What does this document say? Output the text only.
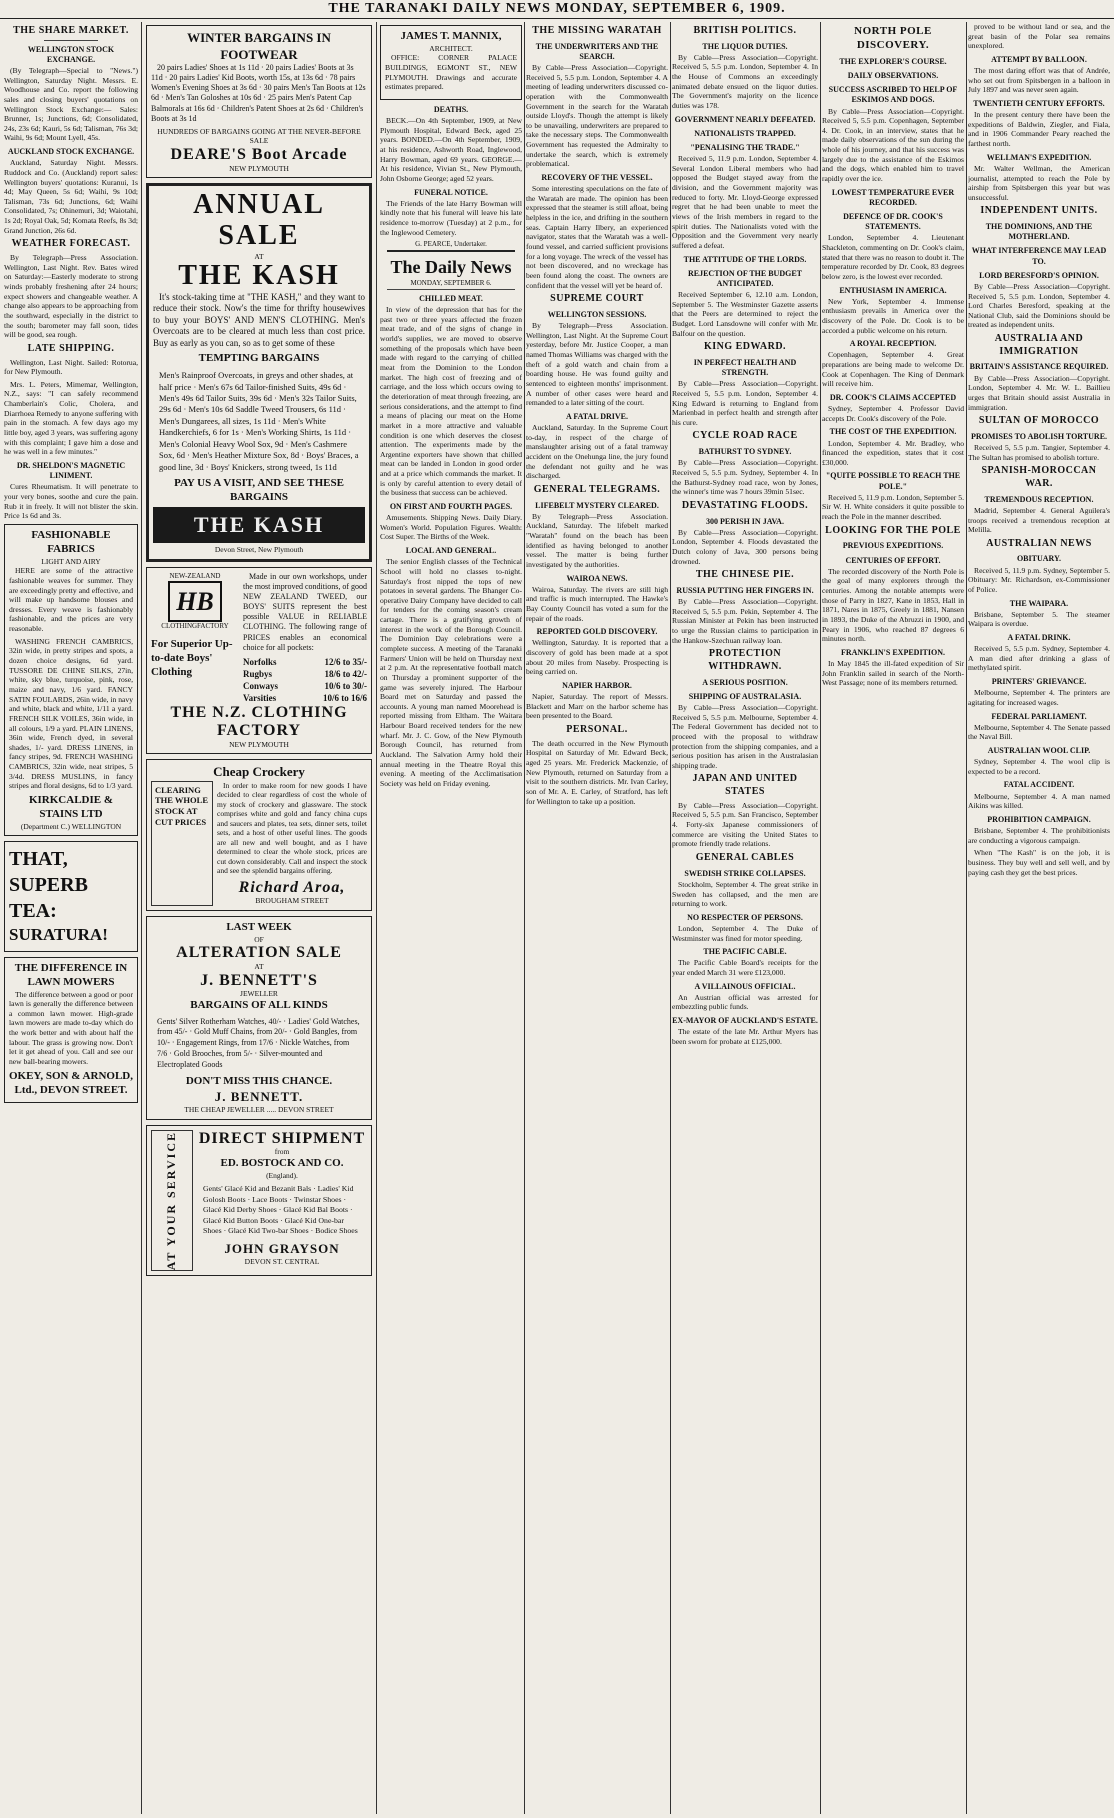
THE TARANAKI DAILY NEWS MONDAY, SEPTEMBER 6, 1909.
THE SHARE MARKET.
WELLINGTON STOCK EXCHANGE.

(By Telegraph—Special to "News.") Wellington, Saturday Night. Messrs. E. Woodhouse and Co. report the following sales and closing buyers' quotations on Wellington Stock Exchange:— Sales: Brunner, 1s; Junctions, 6d; Consolidated, 24s, 23s 6d; Kauri, 5s 6d; Talisman, 76s 3d; Waihi, 9s 6d; Mount Lyell, 45s.

AUCKLAND STOCK EXCHANGE.

Auckland, Saturday Night. Messrs. Ruddock and Co. (Auckland) report sales: Wellington buyers' quotations: Kuranui, 1s 4d; May Queen, 5s 6d; Waihi, 9s 10d; Talisman, 73s 6d; Junctions, 6d; Waihi Consolidated, 7s; Ohinemuri, 3d; Waiotahi, 1s 2d; Royal Oak, 5d; Komata Reefs, 8s 3d; Grand Junction, 26s 6d.

WEATHER FORECAST.

By Telegraph—Press Association. Wellington, Last Night. Rev. Bates wired on Saturday:—Easterly moderate to strong winds probably freshening after 24 hours; expect showers and changeable weather. A change also appears to be approaching from the southward, especially in the district to the south; barometer may fall soon, tides will be good, sea rough.

LATE SHIPPING.

Wellington, Last Night. Sailed: Rotorua, for New Plymouth.

Mrs. L. Peters, Mimemar, Wellington, N.Z., says: "I can safely recommend Chamberlain's Colic, Cholera, and Diarrhoea Remedy to anyone suffering with pain in the stomach. A few days ago my little boy, aged 3 years, was suffering agony with this complaint; I gave him a dose and he was well in a few minutes."

DR. SHELDON'S MAGNETIC LINIMENT.

Cures Rheumatism. It will penetrate to your very bones, soothe and cure the pain. Rub it in freely. It will not blister the skin. Price 1s 6d and 3s.

FASHIONABLE FABRICS
LIGHT AND AIRY

HERE are some of the attractive fashionable weaves for summer. They are exceedingly pretty and effective, and will make up handsome blouses and dresses. Every weave is fashionably fashionable, and the prices are very reasonable.

WASHING FRENCH CAMBRICS, 32in wide, in pretty stripes and spots, a dozen choice designs, 6d yard. TUSSORE DE CHINE SILKS, 27in, white, sky blue, turquoise, pink, rose, maize and navy, 1/6 yard. FANCY SATIN FOULARDS, 26in wide, in navy and white, black and white, 1/11 a yard. FRENCH SILK VOILES, 36in wide, in all colours, 1/9 a yard. PLAIN LINENS, 36in wide, French dyed, in several shades, 1/- yard. DRESS LINENS, in fancy stripes, 9d. FRENCH WASHING CAMBRICS, 32in wide, neat stripes, 5 3/4d. DRESS MUSLINS, in fancy stripes and floral designs, 6d to 1/3 yard.

KIRKCALDIE & STAINS LTD
(Department C.) WELLINGTON
THAT,
SUPERB
TEA:
SURATURA!
THE DIFFERENCE IN LAWN MOWERS

The difference between a good or poor lawn is generally the difference between a common lawn mower. High-grade lawn mowers are made to-day which do the work better and with about half the labour. The grass is growing now. Don't let it get ahead of you. Call and see our new ball-bearing mowers.

OKEY, SON & ARNOLD, Ltd., DEVON STREET.
WINTER BARGAINS IN FOOTWEAR

20 pairs Ladies' Shoes at 1s 11d · 20 pairs Ladies' Boots at 3s 11d · 20 pairs Ladies' Kid Boots, worth 15s, at 13s 6d · 78 pairs Women's Evening Shoes at 3s 6d · 30 pairs Men's Tan Boots at 12s 6d · Men's Tan Goloshes at 10s 6d · 25 pairs Men's Patent Cap Balmorals at 16s 6d · Children's Patent Shoes at 2s 6d · Children's Boots at 3s 1d

HUNDREDS OF BARGAINS GOING AT THE NEVER-BEFORE SALE
DEARE'S Boot Arcade
NEW PLYMOUTH
ANNUAL SALE
AT
THE KASH

It's stock-taking time at "THE KASH," and they want to reduce their stock. Now's the time for thrifty housewives to buy your BOYS' AND MEN'S CLOTHING. Men's Overcoats are to be cleared at much less than cost price. Buy as early as you can, so as to get some of these

TEMPTING BARGAINS
Men's Rainproof Overcoats, in greys and other shades, at half price · Men's 67s 6d Tailor-finished Suits, 49s 6d · Men's 49s 6d Tailor Suits, 39s 6d · Men's 32s Tailor Suits, 29s 6d · Men's 10s 6d Saddle Tweed Trousers, 6s 11d · Men's Dungarees, all sizes, 1s 11d · Men's White Handkerchiefs, 6 for 1s · Men's Working Shirts, 1s 11d · Men's Colonial Heavy Wool Sox, 9d · Men's Cashmere Sox, 6d · Men's Heather Mixture Sox, 8d · Boys' Braces, a good line, 3d · Boys' Knickers, strong tweed, 1s 11d
PAY US A VISIT, AND SEE THESE BARGAINS
THE KASH
Devon Street, New Plymouth
NEW-ZEALAND
HB
CLOTHINGFACTORY
For Superior Up-to-date Boys' Clothing

Made in our own workshops, under the most improved conditions, of good NEW ZEALAND TWEED, our BOYS' SUITS represent the best possible VALUE in RELIABLE CLOTHING. The following range of PRICES enables an economical choice for all pockets:

Norfolks	12/6 to 35/-
Rugbys	18/6 to 42/-
Conways	10/6 to 30/-
Varsities	10/6 to 16/6
THE N.Z. CLOTHING FACTORY
NEW PLYMOUTH
Cheap Crockery
CLEARING THE WHOLE STOCK AT CUT PRICES

In order to make room for new goods I have decided to clear regardless of cost the whole of my stock of crockery and glassware. The stock comprises white and gold and fancy china cups and saucers and plates, tea sets, dinner sets, toilet sets, and a host of other useful lines. The goods are all new and well bought, and as I have determined to clear the whole stock, prices are cut down considerably. Call and inspect the stock and see the splendid bargains offering.

Richard Aroa,
BROUGHAM STREET
LAST WEEK
OF
ALTERATION SALE
AT
J. BENNETT'S
JEWELLER
BARGAINS OF ALL KINDS
Gents' Silver Rotherham Watches, 40/- · Ladies' Gold Watches, from 45/- · Gold Muff Chains, from 20/- · Gold Bangles, from 10/- · Engagement Rings, from 17/6 · Nickle Watches, from 7/6 · Gold Brooches, from 5/- · Silver-mounted and Electroplated Goods
DON'T MISS THIS CHANCE.
J. BENNETT.
THE CHEAP JEWELLER ..... DEVON STREET
AT YOUR SERVICE DIRECT SHIPMENT
from
ED. BOSTOCK AND CO.
(England).
Gents' Glacé Kid and Bezanit Bals · Ladies' Kid Golosh Boots · Lace Boots · Twinstar Shoes · Glacé Kid Derby Shoes · Glacé Kid Bal Boots · Glacé Kid Button Boots · Glacé Kid One-bar Shoes · Glacé Kid Two-bar Shoes · Bodice Shoes
JOHN GRAYSON
DEVON ST. CENTRAL
JAMES T. MANNIX,
ARCHITECT.

OFFICE: CORNER PALACE BUILDINGS, EGMONT ST., NEW PLYMOUTH. Drawings and accurate estimates prepared.

DEATHS.

BECK.—On 4th September, 1909, at New Plymouth Hospital, Edward Beck, aged 25 years. BONDED.—On 4th September, 1909, at his residence, Ashworth Road, Inglewood, Harry Bowman, aged 69 years. GEORGE.—At his residence, Vivian St., New Plymouth, John Osborne George; aged 52 years.

FUNERAL NOTICE.

The Friends of the late Harry Bowman will kindly note that his funeral will leave his late residence to-morrow (Tuesday) at 2 p.m., for the Inglewood Cemetery.

G. PEARCE, Undertaker.
The Daily News
MONDAY, SEPTEMBER 6.
CHILLED MEAT.

In view of the depression that has for the past two or three years affected the frozen meat trade, and of the signs of change in world's supplies, we are moved to observe something of the proposals which have been made with regard to the carrying of chilled meat from the Dominion to the London market. The high cost of freezing and of carriage, and the loss which occurs owing to the deterioration of meat through freezing, are serious considerations, and the attempt to find a means of placing our meat on the Home market in a more attractive and valuable condition is one which deserves the closest attention. The experiments made by the Argentine exporters have shown that chilled meat can be landed in London in good order and at a price which commands the market. It is only by careful attention to every detail of the business that success can be achieved.

ON FIRST AND FOURTH PAGES.

Amusements. Shipping News. Daily Diary. Women's World. Population Figures. Wealth: Cost Super. The Births of the Week.

LOCAL AND GENERAL.

The senior English classes of the Technical School will hold no classes to-night. Saturday's frost nipped the tops of new potatoes in several gardens. The Bhanger Co-operative Dairy Company have decided to call for tenders for the coming season's cream cartage. There is a gratifying growth of interest in the work of the Borough Council. The Dominion Day celebrations were a complete success. A meeting of the Taranaki Farmers' Union will be held on Thursday next at 2 p.m. At the representative football match on Thursday a prominent supporter of the game was severely injured. The Harbour Board met on Saturday and passed the accounts. A young man named Moorehead is reported missing from Eltham. The Waitara Harbour Board received tenders for the new wharf. Mr. J. C. Gow, of the New Plymouth Borough Council, has returned from Auckland. The Salvation Army hold their annual meeting in the Theatre Royal this evening. A meeting of the Acclimatisation Society was held on Friday evening.

THE MISSING WARATAH
THE UNDERWRITERS AND THE SEARCH.

By Cable—Press Association—Copyright. Received 5, 5.5 p.m. London, September 4. A meeting of leading underwriters discussed co-operation with the Commonwealth Government in the search for the Waratah outside Lloyd's. Though the attempt is likely to be unavailing, underwriters are prepared to take the necessary steps. The Commonwealth Government has requested the Admiralty to undertake the search, which is extremely problematical.

RECOVERY OF THE VESSEL.

Some interesting speculations on the fate of the Waratah are made. The opinion has been expressed that the steamer is still afloat, being helpless in the ice, and drifting in the southern seas. Captain Harry Ilbery, an experienced navigator, states that the Waratah was a well-found vessel, and carried sufficient provisions for a long voyage. The wreck of the vessel has not been discovered, and no wreckage has been found along the coast. The owners are confident that the vessel will yet be heard of.

SUPREME COURT
WELLINGTON SESSIONS.

By Telegraph—Press Association. Wellington, Last Night. At the Supreme Court yesterday, before Mr. Justice Cooper, a man named Thomas Williams was charged with the theft of a gold watch and chain from a boarding house. He was found guilty and sentenced to eighteen months' imprisonment. A number of other cases were heard and remanded to a later sitting of the court.

A FATAL DRIVE.

Auckland, Saturday. In the Supreme Court to-day, in respect of the charge of manslaughter arising out of a fatal tramway accident on the Onehunga line, the jury found the defendant not guilty and he was discharged.

GENERAL TELEGRAMS.
LIFEBELT MYSTERY CLEARED.

By Telegraph—Press Association. Auckland, Saturday. The lifebelt marked "Waratah" found on the beach has been identified as having belonged to another vessel. The matter is being further investigated by the authorities.

WAIROA NEWS.

Wairoa, Saturday. The rivers are still high and traffic is much interrupted. The Hawke's Bay County Council has voted a sum for the repair of the roads.

REPORTED GOLD DISCOVERY.

Wellington, Saturday. It is reported that a discovery of gold has been made at a spot about 20 miles from Naseby. Prospecting is being carried on.

NAPIER HARBOR.

Napier, Saturday. The report of Messrs. Blackett and Marr on the harbor scheme has been presented to the Board.

PERSONAL.

The death occurred in the New Plymouth Hospital on Saturday of Mr. Edward Beck, aged 25 years. Mr. Frederick Mackenzie, of New Plymouth, returned on Saturday from a visit to the southern districts. Mr. Ivan Carley, son of Mr. A. E. Carley, of Stratford, has left for Wellington to take up a position.

BRITISH POLITICS.
THE LIQUOR DUTIES.

By Cable—Press Association—Copyright. Received 5, 5.5 p.m. London, September 4. In the House of Commons an exceedingly animated debate ensued on the liquor duties. The Government's majority on the licence duties was 178.

GOVERNMENT NEARLY DEFEATED.
NATIONALISTS TRAPPED.
"PENALISING THE TRADE."

Received 5, 11.9 p.m. London, September 4. Several London Liberal members who had opposed the Budget stayed away from the division, and the Government majority was reduced to forty. Mr. Lloyd-George expressed regret that he had been unable to meet the views of the Irish members in regard to the spirit duties. The Nationalists voted with the Opposition and the Government very nearly suffered a defeat.

THE ATTITUDE OF THE LORDS.
REJECTION OF THE BUDGET ANTICIPATED.

Received September 6, 12.10 a.m. London, September 5. The Westminster Gazette asserts that the Peers are determined to reject the Budget. Lord Lansdowne will confer with Mr. Balfour on the question.

KING EDWARD.
IN PERFECT HEALTH AND STRENGTH.

By Cable—Press Association—Copyright. Received 5, 5.5 p.m. London, September 4. King Edward is returning to England from Marienbad in perfect health and strength after his cure.

CYCLE ROAD RACE
BATHURST TO SYDNEY.

By Cable—Press Association—Copyright. Received 5, 5.5 p.m. Sydney, September 4. In the Bathurst-Sydney road race, won by Jones, the winner's time was 7 hours 39min 51sec.

DEVASTATING FLOODS.
300 PERISH IN JAVA.

By Cable—Press Association—Copyright. London, September 4. Floods devastated the Dutch colony of Java, 300 persons being drowned.

THE CHINESE PIE.
RUSSIA PUTTING HER FINGERS IN.

By Cable—Press Association—Copyright. Received 5, 5.5 p.m. Pekin, September 4. The Russian Minister at Pekin has been instructed to urge the Russian claims to participation in the Hankow-Szechuan railway loan.

PROTECTION WITHDRAWN.
A SERIOUS POSITION.
SHIPPING OF AUSTRALASIA.

By Cable—Press Association—Copyright. Received 5, 5.5 p.m. Melbourne, September 4. The Federal Government has decided not to proceed with the proposal to withdraw protection from the shipping companies, and a serious position has arisen in the Australasian shipping trade.

JAPAN AND UNITED STATES

By Cable—Press Association—Copyright. Received 5, 5.5 p.m. San Francisco, September 4. Forty-six Japanese commissioners of commerce are visiting the United States to promote friendly trade relations.

GENERAL CABLES
SWEDISH STRIKE COLLAPSES.

Stockholm, September 4. The great strike in Sweden has collapsed, and the men are returning to work.

NO RESPECTER OF PERSONS.

London, September 4. The Duke of Westminster was fined for motor speeding.

THE PACIFIC CABLE.

The Pacific Cable Board's receipts for the year ended March 31 were £123,000.

A VILLAINOUS OFFICIAL.

An Austrian official was arrested for embezzling public funds.

EX-MAYOR OF AUCKLAND'S ESTATE.

The estate of the late Mr. Arthur Myers has been sworn for probate at £125,000.

NORTH POLE DISCOVERY.
THE EXPLORER'S COURSE.
DAILY OBSERVATIONS.
SUCCESS ASCRIBED TO HELP OF ESKIMOS AND DOGS.

By Cable—Press Association—Copyright. Received 5, 5.5 p.m. Copenhagen, September 4. Dr. Cook, in an interview, states that he made daily observations of the sun during the whole of his journey, and that his success was largely due to the assistance of the Eskimos and the dogs, which enabled him to travel rapidly over the ice.

LOWEST TEMPERATURE EVER RECORDED.
DEFENCE OF DR. COOK'S STATEMENTS.

London, September 4. Lieutenant Shackleton, commenting on Dr. Cook's claim, stated that there was no reason to doubt it. The temperature recorded by Dr. Cook, 83 degrees below zero, is the lowest ever recorded.

ENTHUSIASM IN AMERICA.

New York, September 4. Immense enthusiasm prevails in America over the discovery of the Pole. Dr. Cook is to be accorded a public welcome on his return.

A ROYAL RECEPTION.

Copenhagen, September 4. Great preparations are being made to welcome Dr. Cook at Copenhagen. The King of Denmark will receive him.

DR. COOK'S CLAIMS ACCEPTED

Sydney, September 4. Professor David accepts Dr. Cook's discovery of the Pole.

THE COST OF THE EXPEDITION.

London, September 4. Mr. Bradley, who financed the expedition, states that it cost £30,000.

"QUITE POSSIBLE TO REACH THE POLE."

Received 5, 11.9 p.m. London, September 5. Sir W. H. White considers it quite possible to reach the Pole in the manner described.

LOOKING FOR THE POLE
PREVIOUS EXPEDITIONS.
CENTURIES OF EFFORT.

The recorded discovery of the North Pole is the goal of many explorers through the centuries. Among the notable attempts were those of Parry in 1827, Kane in 1853, Hall in 1871, Nares in 1875, Greely in 1881, Nansen in 1893, the Duke of the Abruzzi in 1900, and Peary in 1906, who reached 87 degrees 6 minutes north.

FRANKLIN'S EXPEDITION.

In May 1845 the ill-fated expedition of Sir John Franklin sailed in search of the North-West Passage; none of its members returned.

proved to be without land or sea, and the great basin of the Polar sea remains unexplored.

ATTEMPT BY BALLOON.

The most daring effort was that of Andrée, who set out from Spitsbergen in a balloon in July 1897 and was never seen again.

TWENTIETH CENTURY EFFORTS.

In the present century there have been the expeditions of Baldwin, Ziegler, and Fiala, and in 1906 Commander Peary reached the farthest north.

WELLMAN'S EXPEDITION.

Mr. Walter Wellman, the American journalist, attempted to reach the Pole by airship from Spitsbergen this year but was unsuccessful.

INDEPENDENT UNITS.
THE DOMINIONS, AND THE MOTHERLAND.
WHAT INTERFERENCE MAY LEAD TO.
LORD BERESFORD'S OPINION.

By Cable—Press Association—Copyright. Received 5, 5.5 p.m. London, September 4. Lord Charles Beresford, speaking at the National Club, said the Dominions should be treated as independent units.

AUSTRALIA AND IMMIGRATION
BRITAIN'S ASSISTANCE REQUIRED.

By Cable—Press Association—Copyright. London, September 4. Mr. W. L. Baillieu urges that Britain should assist Australia in immigration.

SULTAN OF MOROCCO
PROMISES TO ABOLISH TORTURE.

Received 5, 5.5 p.m. Tangier, September 4. The Sultan has promised to abolish torture.

SPANISH-MOROCCAN WAR.
TREMENDOUS RECEPTION.

Madrid, September 4. General Aguilera's troops received a tremendous reception at Melilla.

AUSTRALIAN NEWS
OBITUARY.

Received 5, 11.9 p.m. Sydney, September 5. Obituary: Mr. Richardson, ex-Commissioner of Police.

THE WAIPARA.

Brisbane, September 5. The steamer Waipara is overdue.

A FATAL DRINK.

Received 5, 5.5 p.m. Sydney, September 4. A man died after drinking a glass of methylated spirit.

PRINTERS' GRIEVANCE.

Melbourne, September 4. The printers are agitating for increased wages.

FEDERAL PARLIAMENT.

Melbourne, September 4. The Senate passed the Naval Bill.

AUSTRALIAN WOOL CLIP.

Sydney, September 4. The wool clip is expected to be a record.

FATAL ACCIDENT.

Melbourne, September 4. A man named Aikins was killed.

PROHIBITION CAMPAIGN.

Brisbane, September 4. The prohibitionists are conducting a vigorous campaign.

When "The Kash" is on the job, it is business. They buy well and sell well, and by paying cash they get the best prices.
